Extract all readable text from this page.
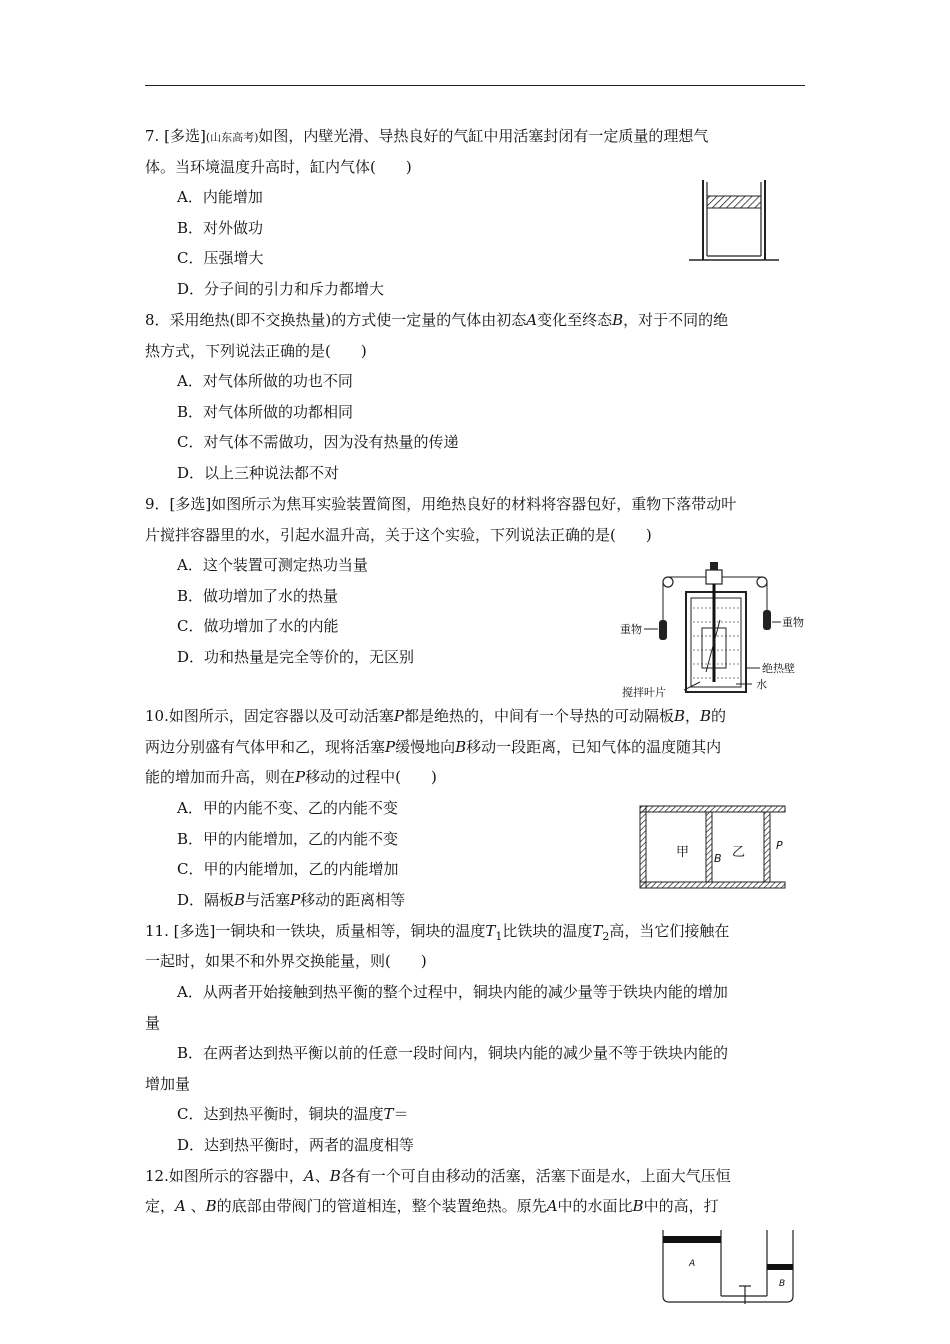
7. [多选](山东高考)如图，内壁光滑、导热良好的气缸中用活塞封闭有一定质量的理想气
体。当环境温度升高时，缸内气体(　　)
A．内能增加
B．对外做功
C．压强增大
D．分子间的引力和斥力都增大
8．采用绝热(即不交换热量)的方式使一定量的气体由初态A变化至终态B，对于不同的绝
热方式，下列说法正确的是(　　)
A．对气体所做的功也不同
B．对气体所做的功都相同
C．对气体不需做功，因为没有热量的传递
D．以上三种说法都不对
9．[多选]如图所示为焦耳实验装置简图，用绝热良好的材料将容器包好，重物下落带动叶
片搅拌容器里的水，引起水温升高，关于这个实验，下列说法正确的是(　　)
A．这个装置可测定热功当量
B．做功增加了水的热量
C．做功增加了水的内能
D．功和热量是完全等价的，无区别
重物
重物
绝热壁
水
搅拌叶片
10.如图所示，固定容器以及可动活塞P都是绝热的，中间有一个导热的可动隔板B，B的
两边分别盛有气体甲和乙，现将活塞P缓慢地向B移动一段距离，已知气体的温度随其内
能的增加而升高，则在P移动的过程中(　　)
A．甲的内能不变、乙的内能不变
B．甲的内能增加，乙的内能不变
C．甲的内能增加，乙的内能增加
D．隔板B与活塞P移动的距离相等
甲 B 乙	P
11. [多选]一铜块和一铁块，质量相等，铜块的温度$T_1$比铁块的温度$T_2$高，当它们接触在
一起时，如果不和外界交换能量，则(　　)
A．从两者开始接触到热平衡的整个过程中，铜块内能的减少量等于铁块内能的增加
量
B．在两者达到热平衡以前的任意一段时间内，铜块内能的减少量不等于铁块内能的
增加量
C．达到热平衡时，铜块的温度T＝
D．达到热平衡时，两者的温度相等
12.如图所示的容器中，A、B各有一个可自由移动的活塞，活塞下面是水，上面大气压恒
定，A 、B的底部由带阀门的管道相连，整个装置绝热。原先A中的水面比B中的高，打
A
B
